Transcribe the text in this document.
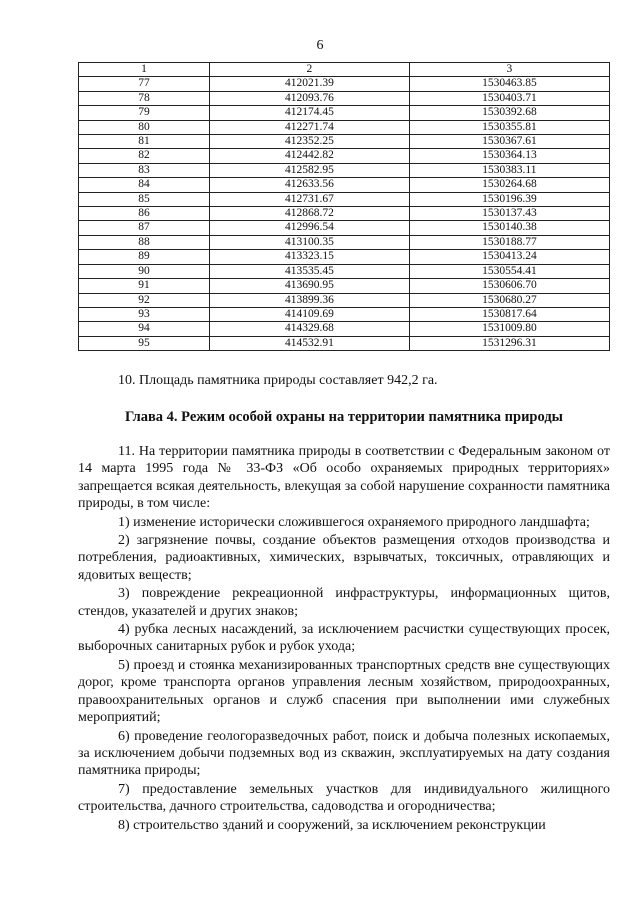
6
1	2	3
77	412021.39	1530463.85
78	412093.76	1530403.71
79	412174.45	1530392.68
80	412271.74	1530355.81
81	412352.25	1530367.61
82	412442.82	1530364.13
83	412582.95	1530383.11
84	412633.56	1530264.68
85	412731.67	1530196.39
86	412868.72	1530137.43
87	412996.54	1530140.38
88	413100.35	1530188.77
89	413323.15	1530413.24
90	413535.45	1530554.41
91	413690.95	1530606.70
92	413899.36	1530680.27
93	414109.69	1530817.64
94	414329.68	1531009.80
95	414532.91	1531296.31
10. Площадь памятника природы составляет 942,2 га.
Глава 4. Режим особой охраны на территории памятника природы

11. На территории памятника природы в соответствии с Федеральным законом от 14 марта 1995 года № 33-ФЗ «Об особо охраняемых природных территориях» запрещается всякая деятельность, влекущая за собой нарушение сохранности памятника природы, в том числе:

1) изменение исторически сложившегося охраняемого природного ландшафта;

2) загрязнение почвы, создание объектов размещения отходов производства и потребления, радиоактивных, химических, взрывчатых, токсичных, отравляющих и ядовитых веществ;

3) повреждение рекреационной инфраструктуры, информационных щитов, стендов, указателей и других знаков;

4) рубка лесных насаждений, за исключением расчистки существующих просек, выборочных санитарных рубок и рубок ухода;

5) проезд и стоянка механизированных транспортных средств вне существующих дорог, кроме транспорта органов управления лесным хозяйством, природоохранных, правоохранительных органов и служб спасения при выполнении ими служебных мероприятий;

6) проведение геологоразведочных работ, поиск и добыча полезных ископаемых, за исключением добычи подземных вод из скважин, эксплуатируемых на дату создания памятника природы;

7) предоставление земельных участков для индивидуального жилищного строительства, дачного строительства, садоводства и огородничества;

8) строительство зданий и сооружений, за исключением реконструкции
